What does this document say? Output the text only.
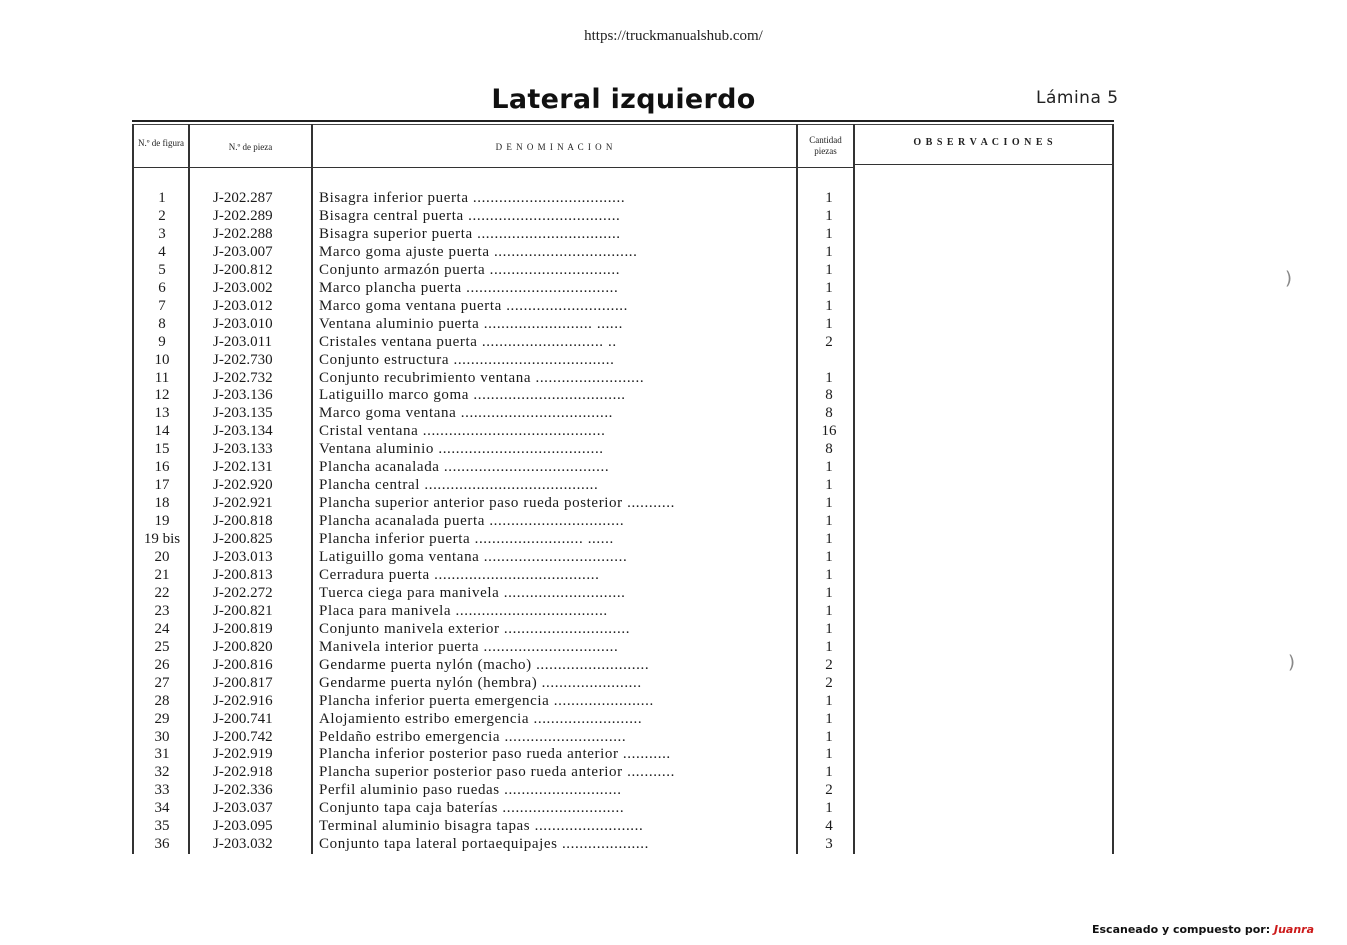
https://truckmanualshub.com/
Lateral izquierdo	Lámina 5
N.º de figura	N.º de pieza	D E N O M I N A C I O N
Cantidad piezas
O B S E R V A C I O N E S
1	J-202.287	Bisagra inferior puerta ...................................	1
2	J-202.289	Bisagra central puerta ...................................	1
3	J-202.288	Bisagra superior puerta .................................	1
4	J-203.007	Marco goma ajuste puerta .................................	1
5	J-200.812	Conjunto armazón puerta ..............................	1
6	J-203.002	Marco plancha puerta ...................................	1
7	J-203.012	Marco goma ventana puerta ............................	1
8	J-203.010	Ventana aluminio puerta ......................... ......	1
9	J-203.011	Cristales ventana puerta ............................ ..	2
10	J-202.730	Conjunto estructura .....................................
11	J-202.732	Conjunto recubrimiento ventana .........................	1
12	J-203.136	Latiguillo marco goma ...................................	8
13	J-203.135	Marco goma ventana ...................................	8
14	J-203.134	Cristal ventana ..........................................	16
15	J-203.133	Ventana aluminio ......................................	8
16	J-202.131	Plancha acanalada ......................................	1
17	J-202.920	Plancha central ........................................	1
18	J-202.921	Plancha superior anterior paso rueda posterior ...........	1
19	J-200.818	Plancha acanalada puerta ...............................	1
19 bis	J-200.825	Plancha inferior puerta ......................... ......	1
20	J-203.013	Latiguillo goma ventana .................................	1
21	J-200.813	Cerradura puerta ......................................	1
22	J-202.272	Tuerca ciega para manivela ............................	1
23	J-200.821	Placa para manivela ...................................	1
24	J-200.819	Conjunto manivela exterior .............................	1
25	J-200.820	Manivela interior puerta ...............................	1
26	J-200.816	Gendarme puerta nylón (macho) ..........................	2
27	J-200.817	Gendarme puerta nylón (hembra) .......................	2
28	J-202.916	Plancha inferior puerta emergencia .......................	1
29	J-200.741	Alojamiento estribo emergencia .........................	1
30	J-200.742	Peldaño estribo emergencia ............................	1
31	J-202.919	Plancha inferior posterior paso rueda anterior ...........	1
32	J-202.918	Plancha superior posterior paso rueda anterior ...........	1
33	J-202.336	Perfil aluminio paso ruedas ...........................	2
34	J-203.037	Conjunto tapa caja baterías ............................	1
35	J-203.095	Terminal aluminio bisagra tapas .........................	4
36	J-203.032	Conjunto tapa lateral portaequipajes ....................	3
)
)
Escaneado y compuesto por: Juanra
